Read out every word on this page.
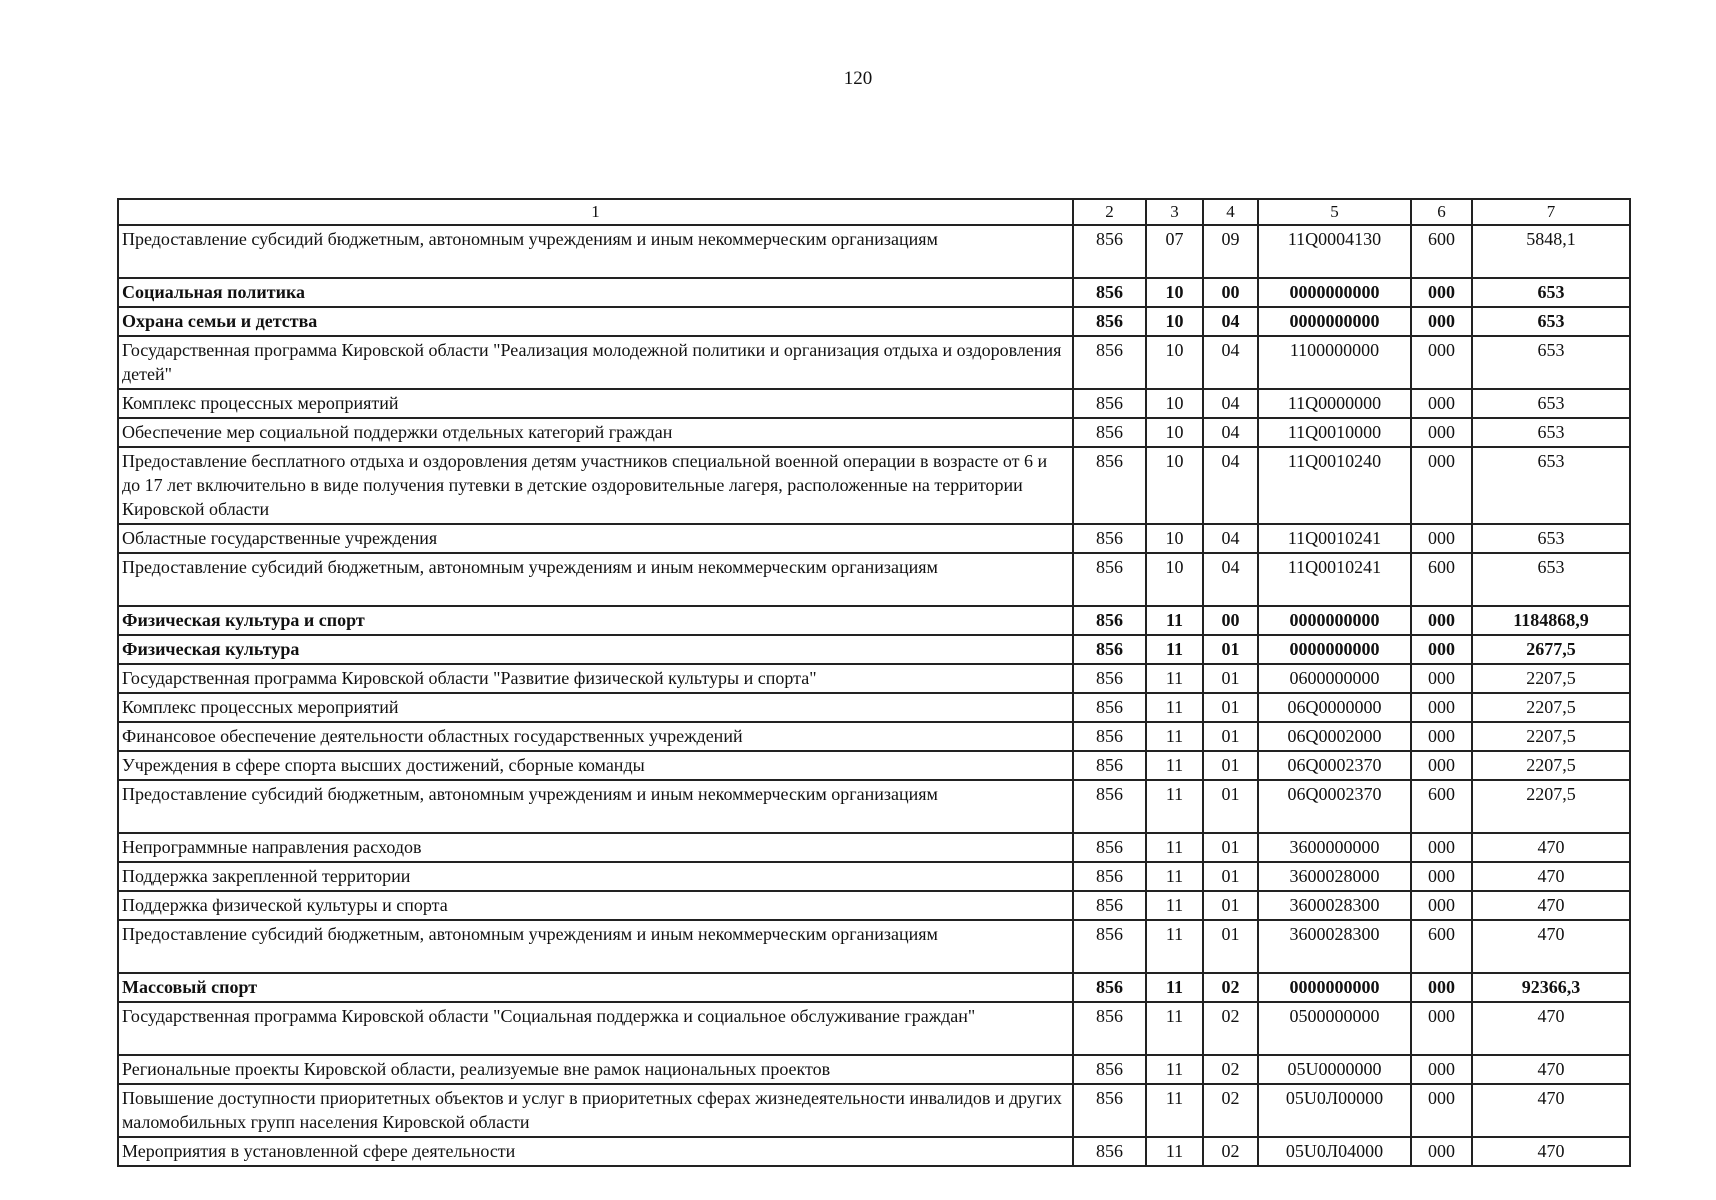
120
1	2	3	4	5	6	7
Предоставление субсидий бюджетным, автономным учреждениям и иным некоммерческим организациям	856	07	09	11Q0004130	600	5848,1
Социальная политика	856	10	00	0000000000	000	653
Охрана семьи и детства	856	10	04	0000000000	000	653
Государственная программа Кировской области "Реализация молодежной политики и организация отдыха и оздоровления детей"	856	10	04	1100000000	000	653
Комплекс процессных мероприятий	856	10	04	11Q0000000	000	653
Обеспечение мер социальной поддержки отдельных категорий граждан	856	10	04	11Q0010000	000	653
Предоставление бесплатного отдыха и оздоровления детям участников специальной военной операции в возрасте от 6 и до 17 лет включительно в виде получения путевки в детские оздоровительные лагеря, расположенные на территории Кировской области	856	10	04	11Q0010240	000	653
Областные государственные учреждения	856	10	04	11Q0010241	000	653
Предоставление субсидий бюджетным, автономным учреждениям и иным некоммерческим организациям	856	10	04	11Q0010241	600	653
Физическая культура и спорт	856	11	00	0000000000	000	1184868,9
Физическая культура	856	11	01	0000000000	000	2677,5
Государственная программа Кировской области "Развитие физической культуры и спорта"	856	11	01	0600000000	000	2207,5
Комплекс процессных мероприятий	856	11	01	06Q0000000	000	2207,5
Финансовое обеспечение деятельности областных государственных учреждений	856	11	01	06Q0002000	000	2207,5
Учреждения в сфере спорта высших достижений, сборные команды	856	11	01	06Q0002370	000	2207,5
Предоставление субсидий бюджетным, автономным учреждениям и иным некоммерческим организациям	856	11	01	06Q0002370	600	2207,5
Непрограммные направления расходов	856	11	01	3600000000	000	470
Поддержка закрепленной территории	856	11	01	3600028000	000	470
Поддержка физической культуры и спорта	856	11	01	3600028300	000	470
Предоставление субсидий бюджетным, автономным учреждениям и иным некоммерческим организациям	856	11	01	3600028300	600	470
Массовый спорт	856	11	02	0000000000	000	92366,3
Государственная программа Кировской области "Социальная поддержка и социальное обслуживание граждан"	856	11	02	0500000000	000	470
Региональные проекты Кировской области, реализуемые вне рамок национальных проектов	856	11	02	05U0000000	000	470
Повышение доступности приоритетных объектов и услуг в приоритетных сферах жизнедеятельности инвалидов и других маломобильных групп населения Кировской области	856	11	02	05U0Л00000	000	470
Мероприятия в установленной сфере деятельности	856	11	02	05U0Л04000	000	470
